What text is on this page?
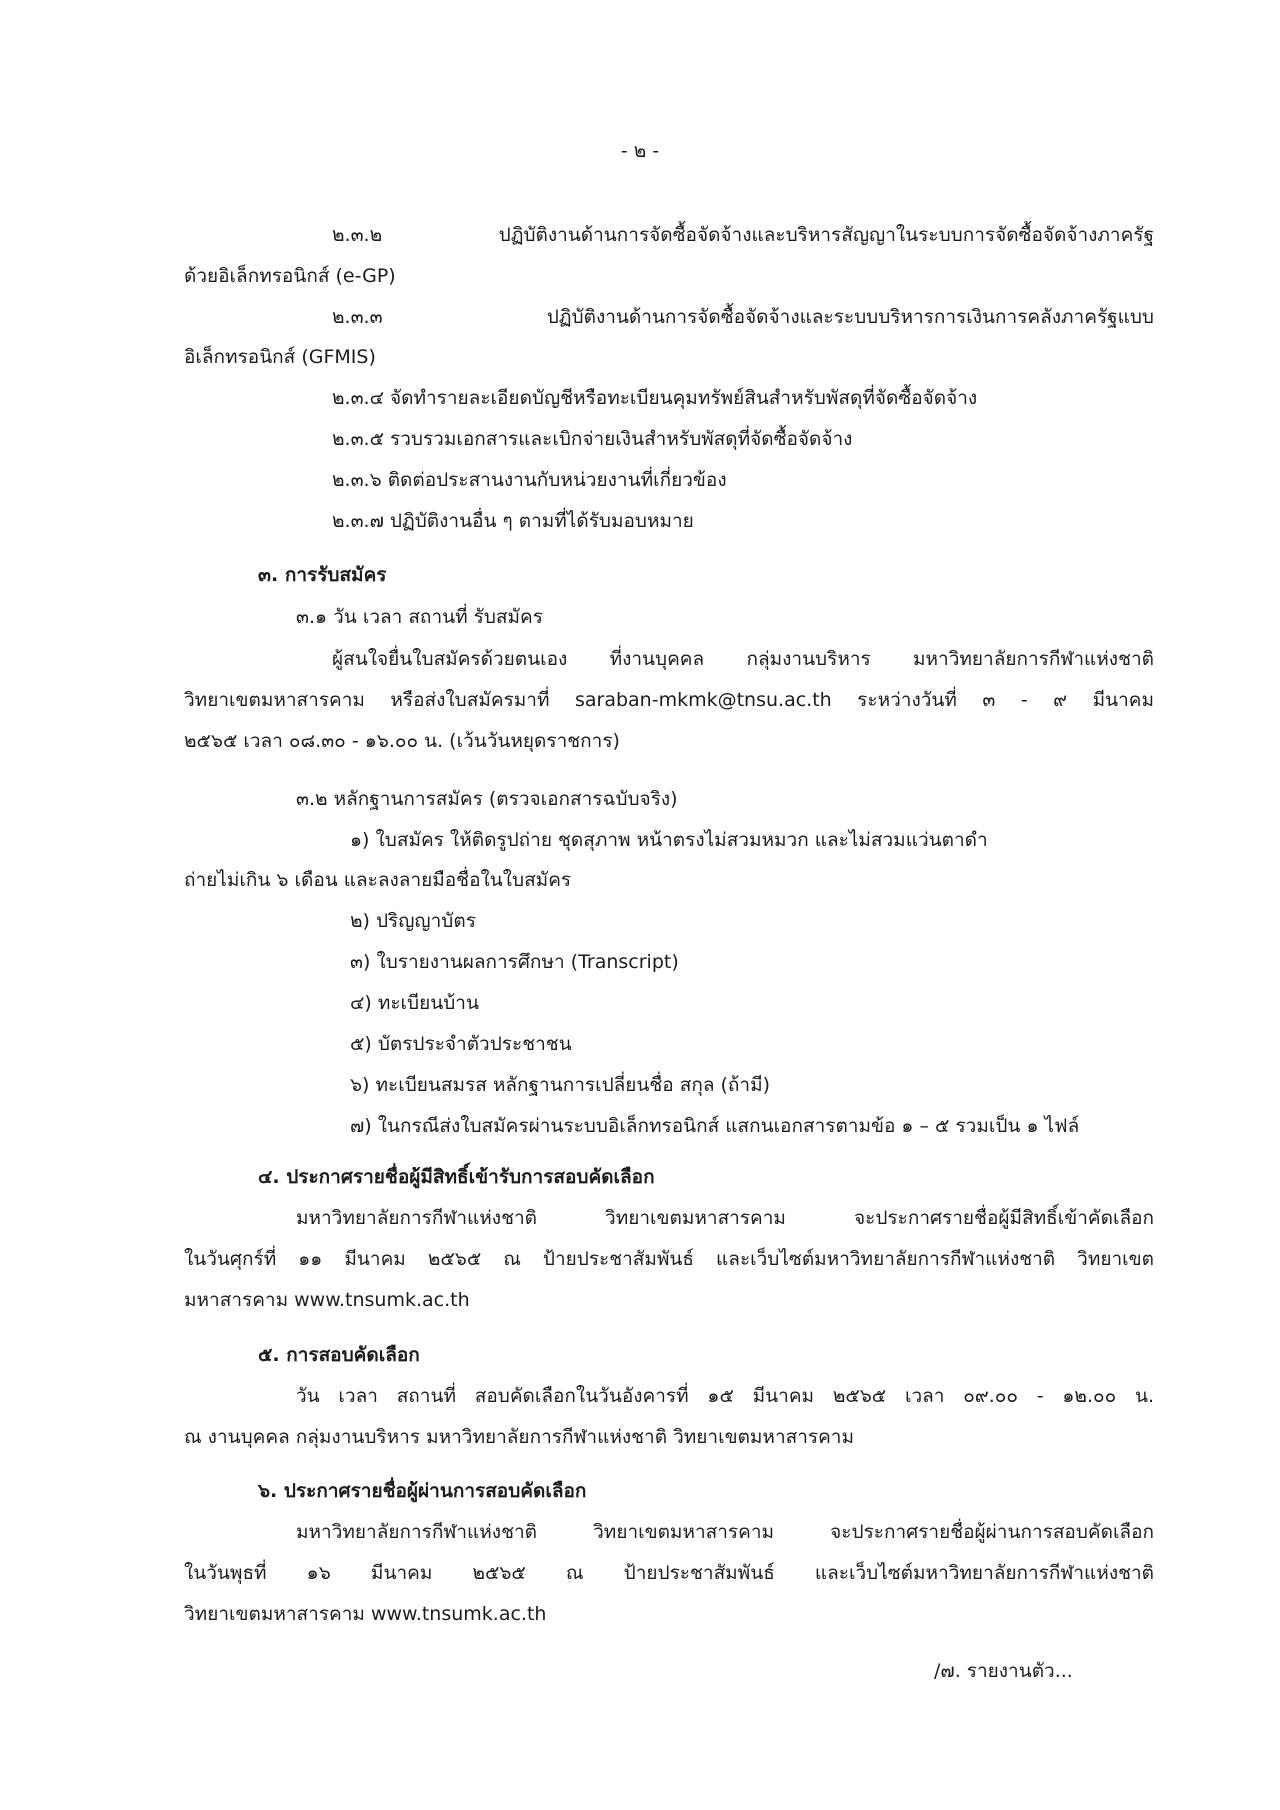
- ๒ -
๒.๓.๒ ปฏิบัติงานด้านการจัดซื้อจัดจ้างและบริหารสัญญาในระบบการจัดซื้อจัดจ้างภาครัฐ
ด้วยอิเล็กทรอนิกส์ (e-GP)
๒.๓.๓ ปฏิบัติงานด้านการจัดซื้อจัดจ้างและระบบบริหารการเงินการคลังภาครัฐแบบ
อิเล็กทรอนิกส์ (GFMIS)
๒.๓.๔ จัดทำรายละเอียดบัญชีหรือทะเบียนคุมทรัพย์สินสำหรับพัสดุที่จัดซื้อจัดจ้าง
๒.๓.๕ รวบรวมเอกสารและเบิกจ่ายเงินสำหรับพัสดุที่จัดซื้อจัดจ้าง
๒.๓.๖ ติดต่อประสานงานกับหน่วยงานที่เกี่ยวข้อง
๒.๓.๗ ปฏิบัติงานอื่น ๆ ตามที่ได้รับมอบหมาย
๓. การรับสมัคร
๓.๑ วัน เวลา สถานที่ รับสมัคร
ผู้สนใจยื่นใบสมัครด้วยตนเอง ที่งานบุคคล กลุ่มงานบริหาร มหาวิทยาลัยการกีฬาแห่งชาติ
วิทยาเขตมหาสารคาม หรือส่งใบสมัครมาที่ saraban-mkmk@tnsu.ac.th ระหว่างวันที่ ๓ - ๙ มีนาคม
๒๕๖๕ เวลา ๐๘.๓๐ - ๑๖.๐๐ น. (เว้นวันหยุดราชการ)
๓.๒ หลักฐานการสมัคร (ตรวจเอกสารฉบับจริง)
๑) ใบสมัคร ให้ติดรูปถ่าย ชุดสุภาพ หน้าตรงไม่สวมหมวก และไม่สวมแว่นตาดำ
ถ่ายไม่เกิน ๖ เดือน และลงลายมือชื่อในใบสมัคร
๒) ปริญญาบัตร
๓) ใบรายงานผลการศึกษา (Transcript)
๔) ทะเบียนบ้าน
๕) บัตรประจำตัวประชาชน
๖) ทะเบียนสมรส หลักฐานการเปลี่ยนชื่อ สกุล (ถ้ามี)
๗) ในกรณีส่งใบสมัครผ่านระบบอิเล็กทรอนิกส์ แสกนเอกสารตามข้อ ๑ – ๕ รวมเป็น ๑ ไฟล์
๔. ประกาศรายชื่อผู้มีสิทธิ์เข้ารับการสอบคัดเลือก
มหาวิทยาลัยการกีฬาแห่งชาติ วิทยาเขตมหาสารคาม จะประกาศรายชื่อผู้มีสิทธิ์เข้าคัดเลือก
ในวันศุกร์ที่ ๑๑ มีนาคม ๒๕๖๕ ณ ป้ายประชาสัมพันธ์ และเว็บไซต์มหาวิทยาลัยการกีฬาแห่งชาติ วิทยาเขต
มหาสารคาม www.tnsumk.ac.th
๕. การสอบคัดเลือก
วัน เวลา สถานที่ สอบคัดเลือกในวันอังคารที่ ๑๕ มีนาคม ๒๕๖๕ เวลา ๐๙.๐๐ - ๑๒.๐๐ น.
ณ งานบุคคล กลุ่มงานบริหาร มหาวิทยาลัยการกีฬาแห่งชาติ วิทยาเขตมหาสารคาม
๖. ประกาศรายชื่อผู้ผ่านการสอบคัดเลือก
มหาวิทยาลัยการกีฬาแห่งชาติ วิทยาเขตมหาสารคาม จะประกาศรายชื่อผู้ผ่านการสอบคัดเลือก
ในวันพุธที่ ๑๖ มีนาคม ๒๕๖๕ ณ ป้ายประชาสัมพันธ์ และเว็บไซต์มหาวิทยาลัยการกีฬาแห่งชาติ
วิทยาเขตมหาสารคาม www.tnsumk.ac.th
/๗. รายงานตัว...
